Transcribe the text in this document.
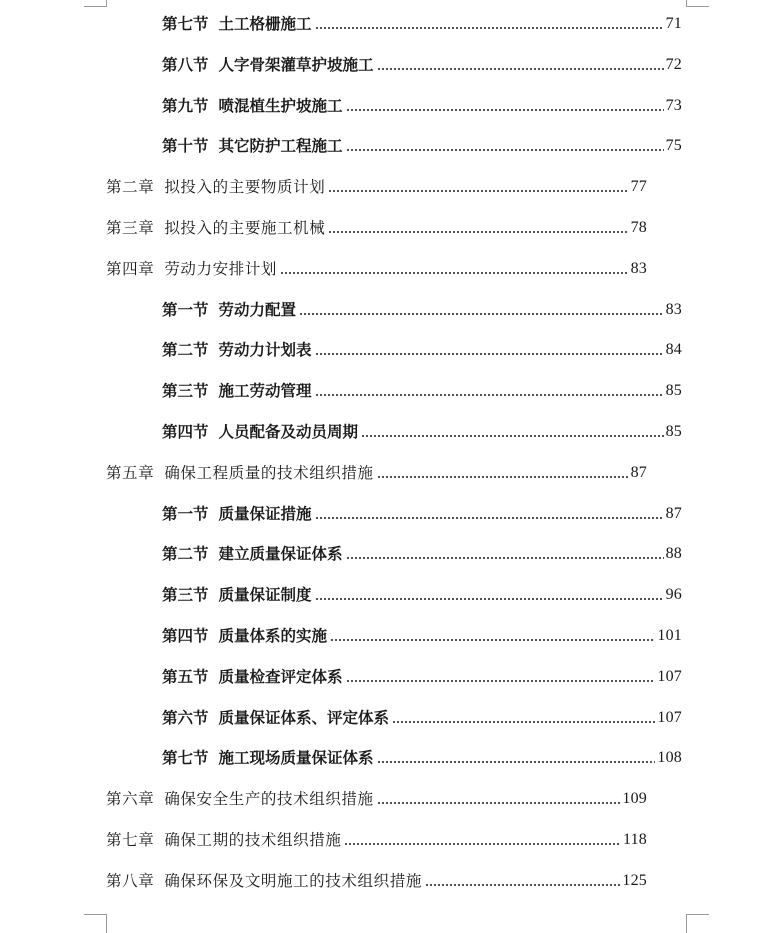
第七节 土工格栅施工	71
第八节 人字骨架灌草护坡施工	72
第九节 喷混植生护坡施工	73
第十节 其它防护工程施工	75
第二章 拟投入的主要物质计划	77
第三章 拟投入的主要施工机械	78
第四章 劳动力安排计划	83
第一节 劳动力配置	83
第二节 劳动力计划表	84
第三节 施工劳动管理	85
第四节 人员配备及动员周期	85
第五章 确保工程质量的技术组织措施	87
第一节 质量保证措施	87
第二节 建立质量保证体系	88
第三节 质量保证制度	96
第四节 质量体系的实施	101
第五节 质量检查评定体系	107
第六节 质量保证体系、评定体系	107
第七节 施工现场质量保证体系	108
第六章 确保安全生产的技术组织措施	109
第七章 确保工期的技术组织措施	118
第八章 确保环保及文明施工的技术组织措施	125
